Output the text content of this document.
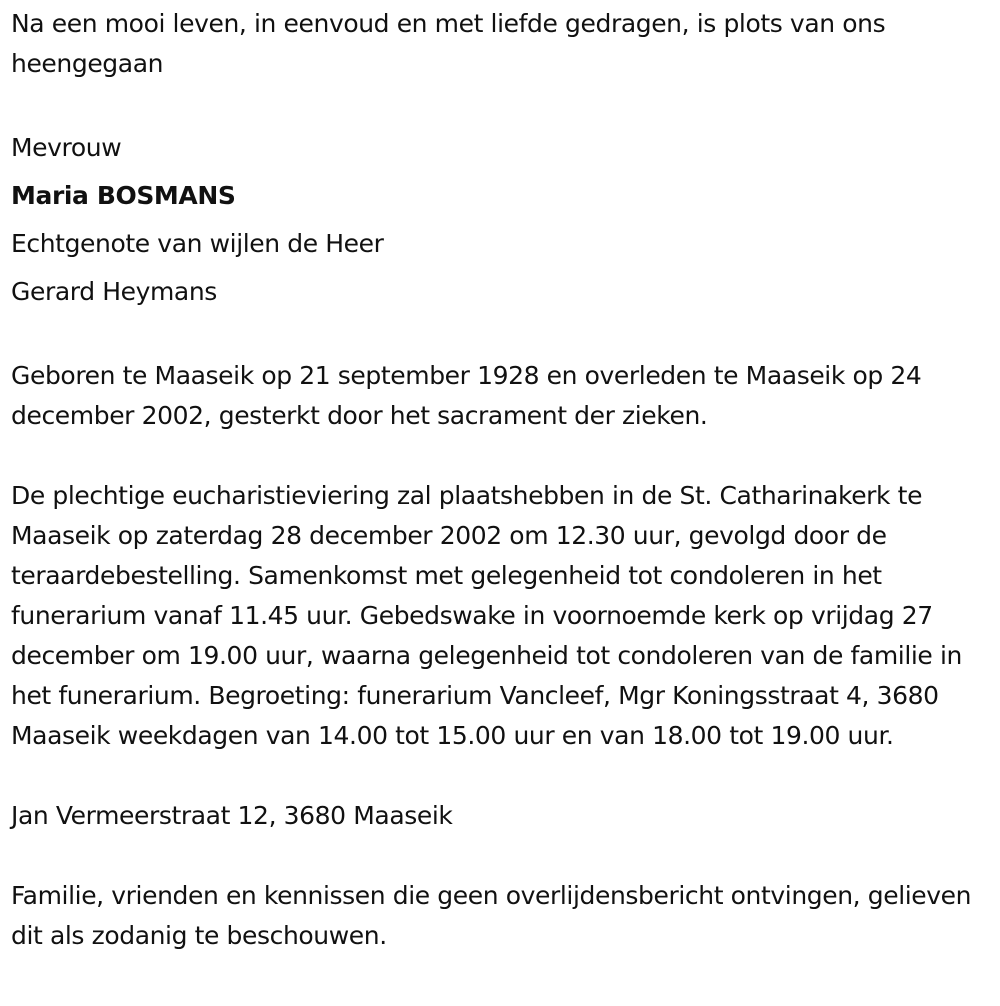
Na een mooi leven, in eenvoud en met liefde gedragen, is plots van ons heengegaan

Mevrouw

Maria BOSMANS

Echtgenote van wijlen de Heer

Gerard Heymans

Geboren te Maaseik op 21 september 1928 en overleden te Maaseik op 24 december 2002, gesterkt door het sacrament der zieken.

De plechtige eucharistieviering zal plaatshebben in de St. Catharinakerk te Maaseik op zaterdag 28 december 2002 om 12.30 uur, gevolgd door de teraardebestelling. Samenkomst met gelegenheid tot condoleren in het funerarium vanaf 11.45 uur. Gebedswake in voornoemde kerk op vrijdag 27 december om 19.00 uur, waarna gelegenheid tot condoleren van de familie in het funerarium. Begroeting: funerarium Vancleef, Mgr Koningsstraat 4, 3680 Maaseik weekdagen van 14.00 tot 15.00 uur en van 18.00 tot 19.00 uur.

Jan Vermeerstraat 12, 3680 Maaseik

Familie, vrienden en kennissen die geen overlijdensbericht ontvingen, gelieven dit als zodanig te beschouwen.
